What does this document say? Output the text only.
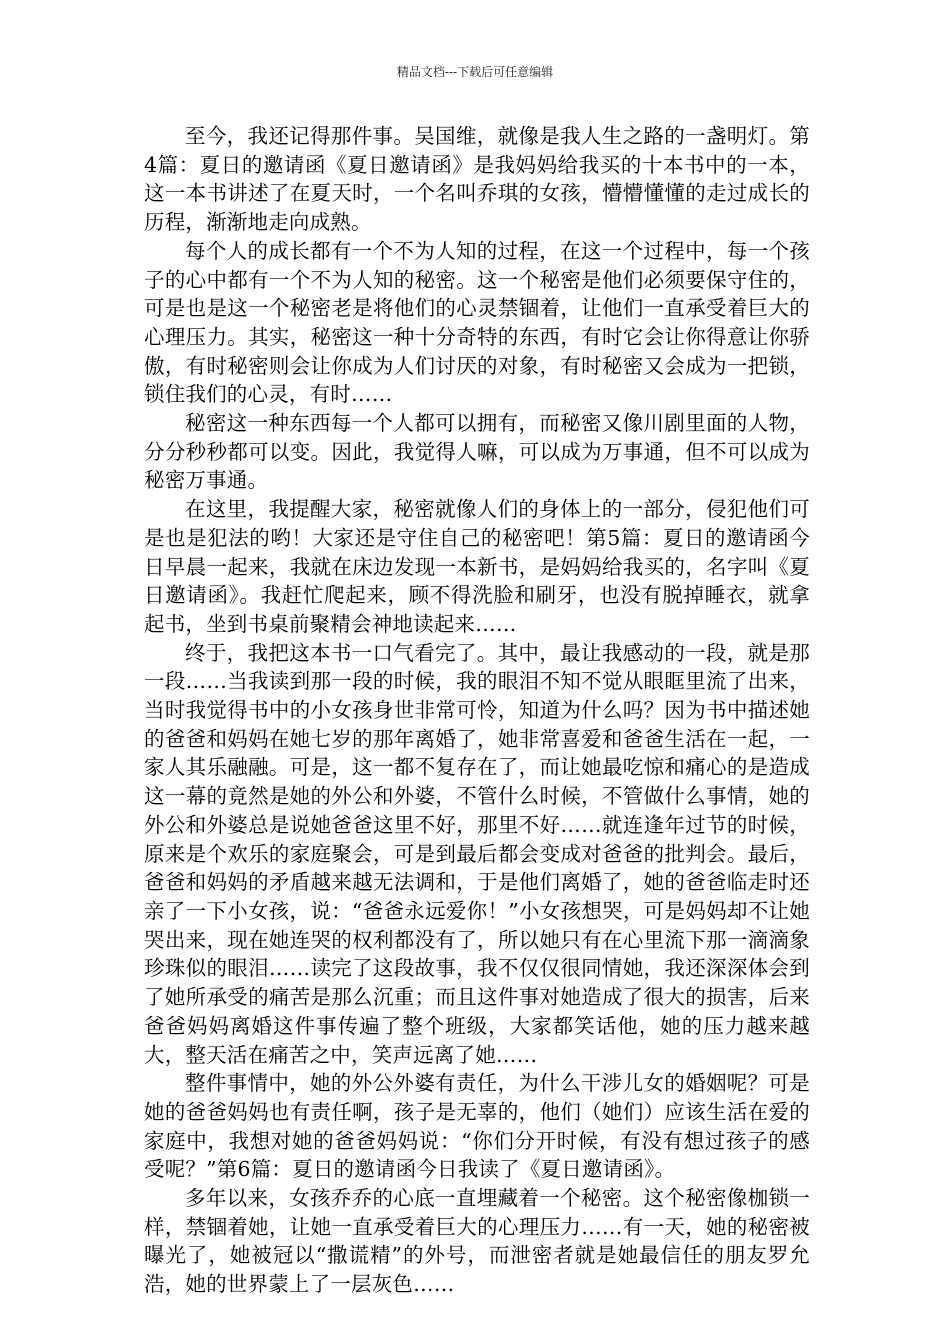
精品文档---下载后可任意编辑

至今，我还记得那件事。吴国维，就像是我人生之路的一盏明灯。第4篇：夏日的邀请函《夏日邀请函》是我妈妈给我买的十本书中的一本，这一本书讲述了在夏天时，一个名叫乔琪的女孩，懵懵懂懂的走过成长的历程，渐渐地走向成熟。

每个人的成长都有一个不为人知的过程，在这一个过程中，每一个孩子的心中都有一个不为人知的秘密。这一个秘密是他们必须要保守住的，可是也是这一个秘密老是将他们的心灵禁锢着，让他们一直承受着巨大的心理压力。其实，秘密这一种十分奇特的东西，有时它会让你得意让你骄傲，有时秘密则会让你成为人们讨厌的对象，有时秘密又会成为一把锁，锁住我们的心灵，有时……

秘密这一种东西每一个人都可以拥有，而秘密又像川剧里面的人物，分分秒秒都可以变。因此，我觉得人嘛，可以成为万事通，但不可以成为秘密万事通。

在这里，我提醒大家，秘密就像人们的身体上的一部分，侵犯他们可是也是犯法的哟！大家还是守住自己的秘密吧！第5篇：夏日的邀请函今日早晨一起来，我就在床边发现一本新书，是妈妈给我买的，名字叫《夏日邀请函》。我赶忙爬起来，顾不得洗脸和刷牙，也没有脱掉睡衣，就拿起书，坐到书桌前聚精会神地读起来……

终于，我把这本书一口气看完了。其中，最让我感动的一段，就是那一段……当我读到那一段的时候，我的眼泪不知不觉从眼眶里流了出来，当时我觉得书中的小女孩身世非常可怜，知道为什么吗？因为书中描述她的爸爸和妈妈在她七岁的那年离婚了，她非常喜爱和爸爸生活在一起，一家人其乐融融。可是，这一都不复存在了，而让她最吃惊和痛心的是造成这一幕的竟然是她的外公和外婆，不管什么时候，不管做什么事情，她的外公和外婆总是说她爸爸这里不好，那里不好……就连逢年过节的时候，原来是个欢乐的家庭聚会，可是到最后都会变成对爸爸的批判会。最后，爸爸和妈妈的矛盾越来越无法调和，于是他们离婚了，她的爸爸临走时还亲了一下小女孩，说：“爸爸永远爱你！”小女孩想哭，可是妈妈却不让她哭出来，现在她连哭的权利都没有了，所以她只有在心里流下那一滴滴象珍珠似的眼泪……读完了这段故事，我不仅仅很同情她，我还深深体会到了她所承受的痛苦是那么沉重；而且这件事对她造成了很大的损害，后来爸爸妈妈离婚这件事传遍了整个班级，大家都笑话他，她的压力越来越大，整天活在痛苦之中，笑声远离了她……

整件事情中，她的外公外婆有责任，为什么干涉儿女的婚姻呢？可是她的爸爸妈妈也有责任啊，孩子是无辜的，他们（她们）应该生活在爱的家庭中，我想对她的爸爸妈妈说：“你们分开时候，有没有想过孩子的感受呢？”第6篇：夏日的邀请函今日我读了《夏日邀请函》。

多年以来，女孩乔乔的心底一直埋藏着一个秘密。这个秘密像枷锁一样，禁锢着她，让她一直承受着巨大的心理压力……有一天，她的秘密被曝光了，她被冠以“撒谎精”的外号，而泄密者就是她最信任的朋友罗允浩，她的世界蒙上了一层灰色……
